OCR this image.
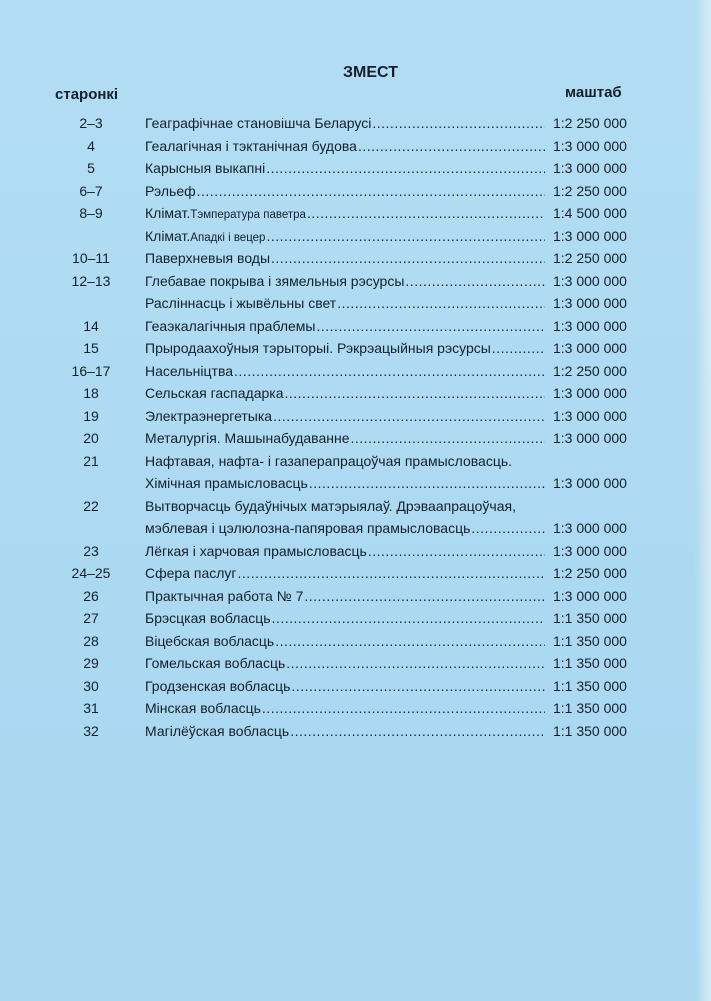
ЗМЕСТ
старонкі	маштаб
2–3	Геаграфічнае становішча Беларусі .....	1:2 250 000
4	Геалагічная і тэктанічная будова .....	1:3 000 000
5	Карысныя выкапні .....	1:3 000 000
6–7	Рэльеф .....	1:2 250 000
8–9	Клімат. Тэмпература паветра .....	1:4 500 000
Клімат. Ападкі і вецер .....	1:3 000 000
10–11	Паверхневыя воды .....	1:2 250 000
12–13	Глебавае покрыва і зямельныя рэсурсы .....	1:3 000 000
Расліннасць і жывёльны свет .....	1:3 000 000
14	Геаэкалагічныя праблемы .....	1:3 000 000
15	Прыродаахоўныя тэрыторыі. Рэкрэацыйныя рэсурсы .....	1:3 000 000
16–17	Насельніцтва .....	1:2 250 000
18	Сельская гаспадарка .....	1:3 000 000
19	Электраэнергетыка .....	1:3 000 000
20	Металургія. Машынабудаванне .....	1:3 000 000
21	Нафтавая, нафта- і газаперапрацоўчая прамысловасць.
Хімічная прамысловасць .....	1:3 000 000
22	Вытворчасць будаўнічых матэрыялаў. Дрэваапрацоўчая,
мэблевая і цэлюлозна-папяровая прамысловасць .....	1:3 000 000
23	Лёгкая і харчовая прамысловасць .....	1:3 000 000
24–25	Сфера паслуг .....	1:2 250 000
26	Практычная работа № 7 .....	1:3 000 000
27	Брэсцкая вобласць .....	1:1 350 000
28	Віцебская вобласць .....	1:1 350 000
29	Гомельская вобласць .....	1:1 350 000
30	Гродзенская вобласць .....	1:1 350 000
31	Мінская вобласць .....	1:1 350 000
32	Магілёўская вобласць .....	1:1 350 000
